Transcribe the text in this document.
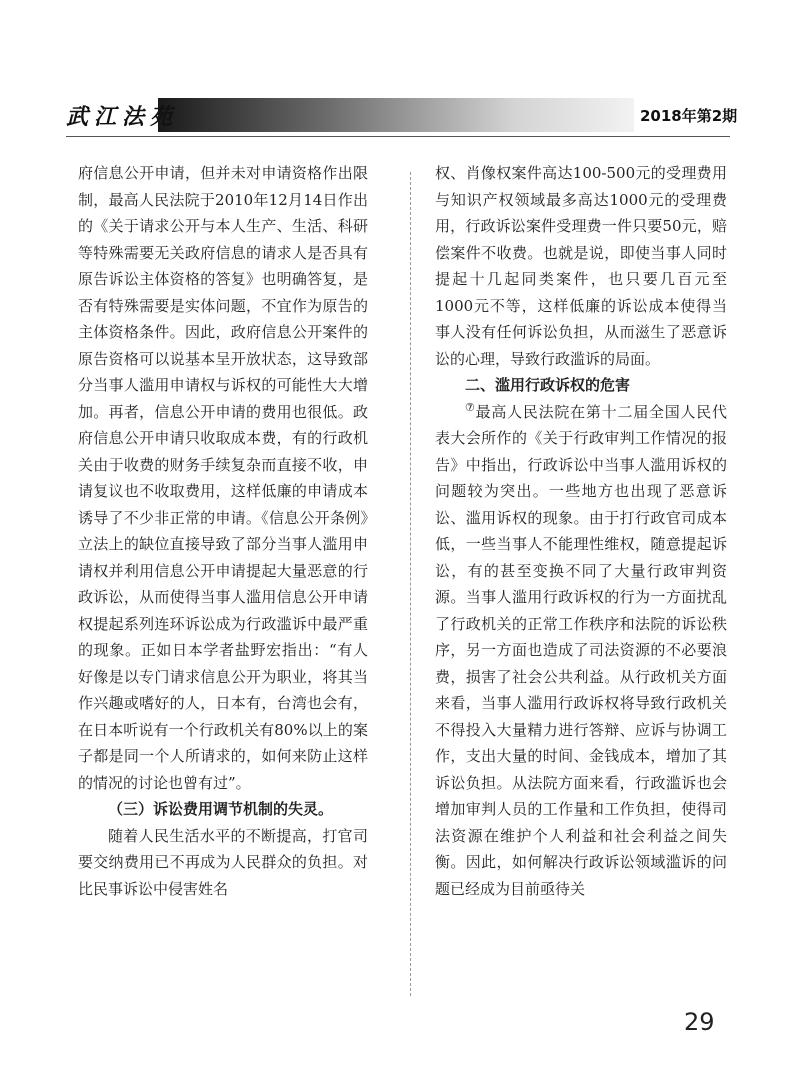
武江法苑	2018年第2期

府信息公开申请，但并未对申请资格作出限制，最高人民法院于2010年12月14日作出的《关于请求公开与本人生产、生活、科研等特殊需要无关政府信息的请求人是否具有原告诉讼主体资格的答复》也明确答复，是否有特殊需要是实体问题，不宜作为原告的主体资格条件。因此，政府信息公开案件的原告资格可以说基本呈开放状态，这导致部分当事人滥用申请权与诉权的可能性大大增加。再者，信息公开申请的费用也很低。政府信息公开申请只收取成本费，有的行政机关由于收费的财务手续复杂而直接不收，申请复议也不收取费用，这样低廉的申请成本诱导了不少非正常的申请。《信息公开条例》立法上的缺位直接导致了部分当事人滥用申请权并利用信息公开申请提起大量恶意的行政诉讼，从而使得当事人滥用信息公开申请权提起系列连环诉讼成为行政滥诉中最严重的现象。正如日本学者盐野宏指出：“有人好像是以专门请求信息公开为职业，将其当作兴趣或嗜好的人，日本有，台湾也会有，在日本听说有一个行政机关有80%以上的案子都是同一个人所请求的，如何来防止这样的情况的讨论也曾有过”。

（三）诉讼费用调节机制的失灵。

随着人民生活水平的不断提高，打官司要交纳费用已不再成为人民群众的负担。对比民事诉讼中侵害姓名

权、肖像权案件高达100-500元的受理费用与知识产权领域最多高达1000元的受理费用，行政诉讼案件受理费一件只要50元，赔偿案件不收费。也就是说，即使当事人同时提起十几起同类案件，也只要几百元至1000元不等，这样低廉的诉讼成本使得当事人没有任何诉讼负担，从而滋生了恶意诉讼的心理，导致行政滥诉的局面。

二、滥用行政诉权的危害

⑦最高人民法院在第十二届全国人民代表大会所作的《关于行政审判工作情况的报告》中指出，行政诉讼中当事人滥用诉权的问题较为突出。一些地方也出现了恶意诉讼、滥用诉权的现象。由于打行政官司成本低，一些当事人不能理性维权，随意提起诉讼，有的甚至变换不同了大量行政审判资源。当事人滥用行政诉权的行为一方面扰乱了行政机关的正常工作秩序和法院的诉讼秩序，另一方面也造成了司法资源的不必要浪费，损害了社会公共利益。从行政机关方面来看，当事人滥用行政诉权将导致行政机关不得投入大量精力进行答辩、应诉与协调工作，支出大量的时间、金钱成本，增加了其诉讼负担。从法院方面来看，行政滥诉也会增加审判人员的工作量和工作负担，使得司法资源在维护个人利益和社会利益之间失衡。因此，如何解决行政诉讼领域滥诉的问题已经成为目前亟待关

29
